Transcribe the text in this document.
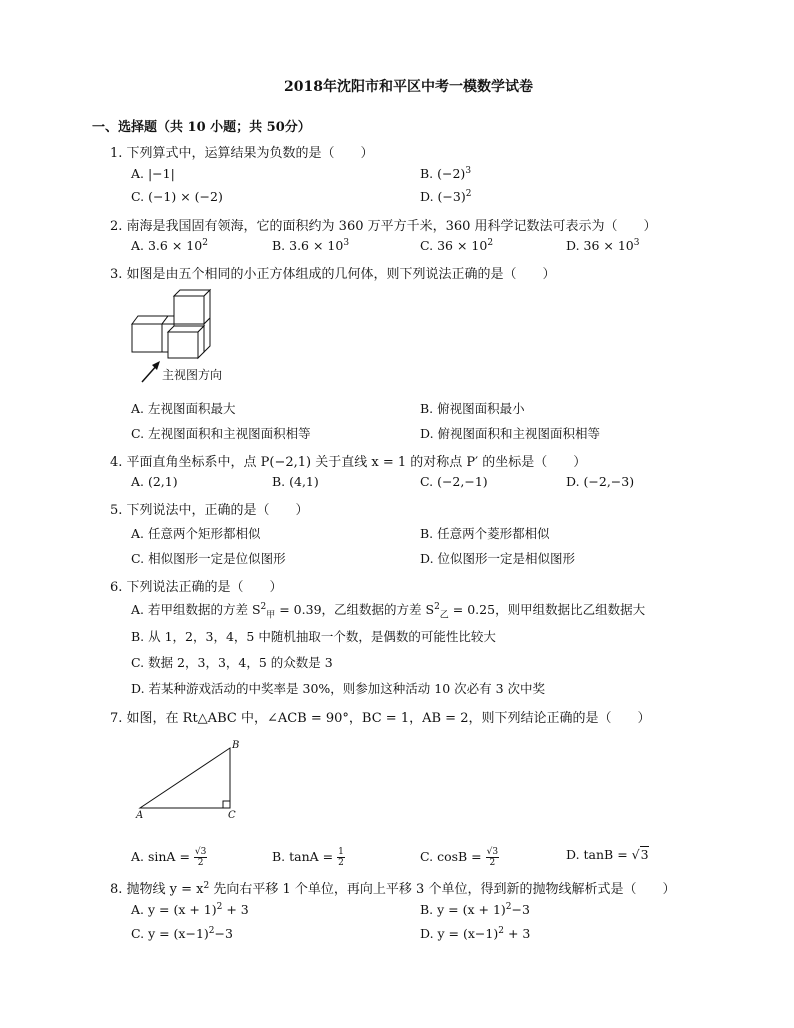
2018年沈阳市和平区中考一模数学试卷
一、选择题（共 10 小题；共 50分）
1. 下列算式中，运算结果为负数的是（　　）
A. |−1|	B. $(-2)^3$
C. (−1) × (−2)	D. $(-3)^2$
2. 南海是我国固有领海，它的面积约为 360 万平方千米，360 用科学记数法可表示为（　　）
A. $3.6 \times 10^2$	B. $3.6 \times 10^3$	C. $36 \times 10^2$	D. $36 \times 10^3$
3. 如图是由五个相同的小正方体组成的几何体，则下列说法正确的是（　　）
主视图方向
A. 左视图面积最大	B. 俯视图面积最小
C. 左视图面积和主视图面积相等	D. 俯视图面积和主视图面积相等
4. 平面直角坐标系中，点 P(−2,1) 关于直线 x = 1 的对称点 P′ 的坐标是（　　）
A. (2,1)	B. (4,1)	C. (−2,−1)	D. (−2,−3)
5. 下列说法中，正确的是（　　）
A. 任意两个矩形都相似	B. 任意两个菱形都相似
C. 相似图形一定是位似图形	D. 位似图形一定是相似图形
6. 下列说法正确的是（　　）
A. 若甲组数据的方差 $S^2_甲 = 0.39$，乙组数据的方差 $S^2_乙 = 0.25$，则甲组数据比乙组数据大
B. 从 1，2，3，4，5 中随机抽取一个数，是偶数的可能性比较大
C. 数据 2，3，3，4，5 的众数是 3
D. 若某种游戏活动的中奖率是 30%，则参加这种活动 10 次必有 3 次中奖
7. 如图，在 Rt△ABC 中，∠ACB = 90°，BC = 1，AB = 2，则下列结论正确的是（　　）
A
B
C
A. $\sin A = \frac{√3}{2}$	B. $\tan A = \frac{1}{2}$	C. $\cos B = \frac{√3}{2}$	D. tanB = √3
8. 抛物线 $y = x^2$ 先向右平移 1 个单位，再向上平移 3 个单位，得到新的抛物线解析式是（　　）
A. $y = (x + 1)^2 + 3$	B. $y = (x + 1)^2-3$
C. $y = (x-1)^2-3$	D. $y = (x-1)^2 + 3$
